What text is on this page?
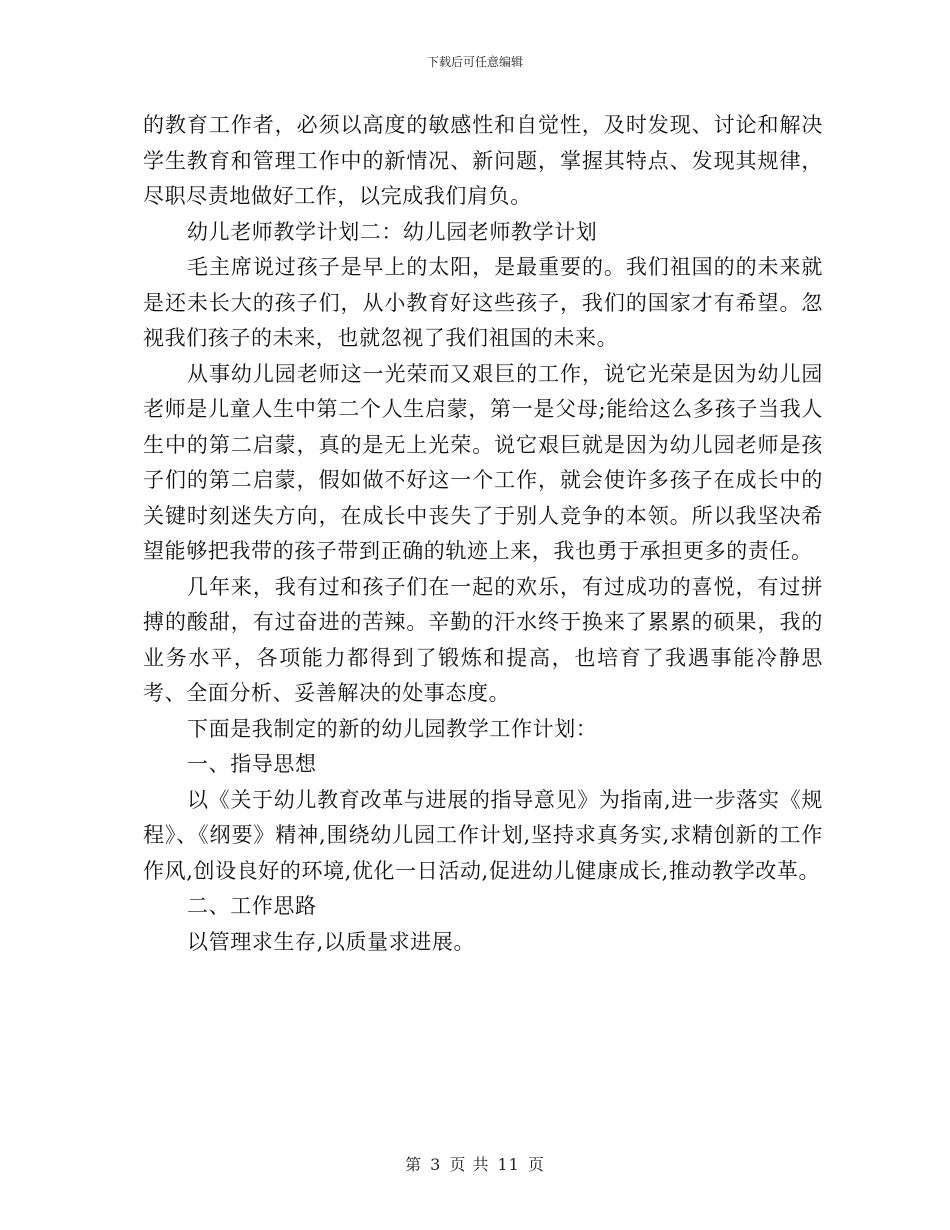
下载后可任意编辑

的教育工作者，必须以高度的敏感性和自觉性，及时发现、讨论和解决学生教育和管理工作中的新情况、新问题，掌握其特点、发现其规律，尽职尽责地做好工作，以完成我们肩负。

幼儿老师教学计划二：幼儿园老师教学计划

毛主席说过孩子是早上的太阳，是最重要的。我们祖国的的未来就是还未长大的孩子们，从小教育好这些孩子，我们的国家才有希望。忽视我们孩子的未来，也就忽视了我们祖国的未来。

从事幼儿园老师这一光荣而又艰巨的工作，说它光荣是因为幼儿园老师是儿童人生中第二个人生启蒙，第一是父母;能给这么多孩子当我人生中的第二启蒙，真的是无上光荣。说它艰巨就是因为幼儿园老师是孩子们的第二启蒙，假如做不好这一个工作，就会使许多孩子在成长中的关键时刻迷失方向，在成长中丧失了于别人竞争的本领。所以我坚决希望能够把我带的孩子带到正确的轨迹上来，我也勇于承担更多的责任。

几年来，我有过和孩子们在一起的欢乐，有过成功的喜悦，有过拼搏的酸甜，有过奋进的苦辣。辛勤的汗水终于换来了累累的硕果，我的业务水平，各项能力都得到了锻炼和提高，也培育了我遇事能冷静思考、全面分析、妥善解决的处事态度。

下面是我制定的新的幼儿园教学工作计划：

一、指导思想

以《关于幼儿教育改革与进展的指导意见》为指南,进一步落实《规程》、《纲要》精神,围绕幼儿园工作计划,坚持求真务实,求精创新的工作作风,创设良好的环境,优化一日活动,促进幼儿健康成长,推动教学改革。

二、工作思路

以管理求生存,以质量求进展。

第 3 页 共 11 页
